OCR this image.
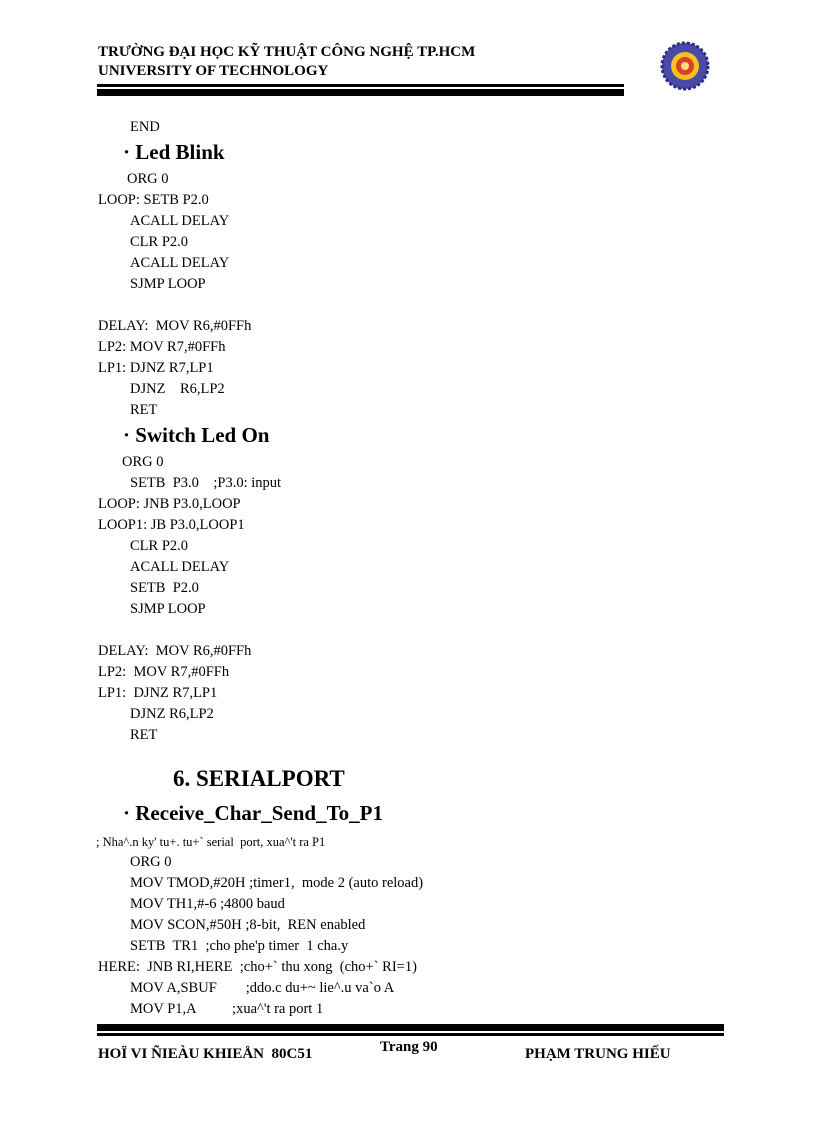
TRƯỜNG ĐẠI HỌC KỸ THUẬT CÔNG NGHỆ TP.HCM
UNIVERSITY OF TECHNOLOGY
END
· Led Blink
ORG 0
LOOP: SETB P2.0
ACALL DELAY
CLR P2.0
ACALL DELAY
SJMP LOOP
DELAY:  MOV R6,#0FFh
LP2: MOV R7,#0FFh
LP1: DJNZ R7,LP1
DJNZ    R6,LP2
RET
· Switch Led On
ORG 0
SETB  P3.0    ;P3.0: input
LOOP: JNB P3.0,LOOP
LOOP1: JB P3.0,LOOP1
CLR P2.0
ACALL DELAY
SETB  P2.0
SJMP LOOP
DELAY:  MOV R6,#0FFh
LP2:  MOV R7,#0FFh
LP1:  DJNZ R7,LP1
DJNZ R6,LP2
RET
6. SERIALPORT
· Receive_Char_Send_To_P1
; Nha^.n ky' tu+. tu+` serial  port, xua^'t ra P1
ORG 0
MOV TMOD,#20H ;timer1,  mode 2 (auto reload)
MOV TH1,#-6 ;4800 baud
MOV SCON,#50H ;8-bit,  REN enabled
SETB  TR1  ;cho phe'p timer  1 cha.y
HERE:  JNB RI,HERE  ;cho+` thu xong  (cho+` RI=1)
MOV A,SBUF        ;ddo.c du+~ lie^.u va`o A
MOV P1,A          ;xua^'t ra port 1
HOÏ VI ÑIEÀU KHIEÅN  80C51	Trang 90	PHẠM TRUNG HIẾU
